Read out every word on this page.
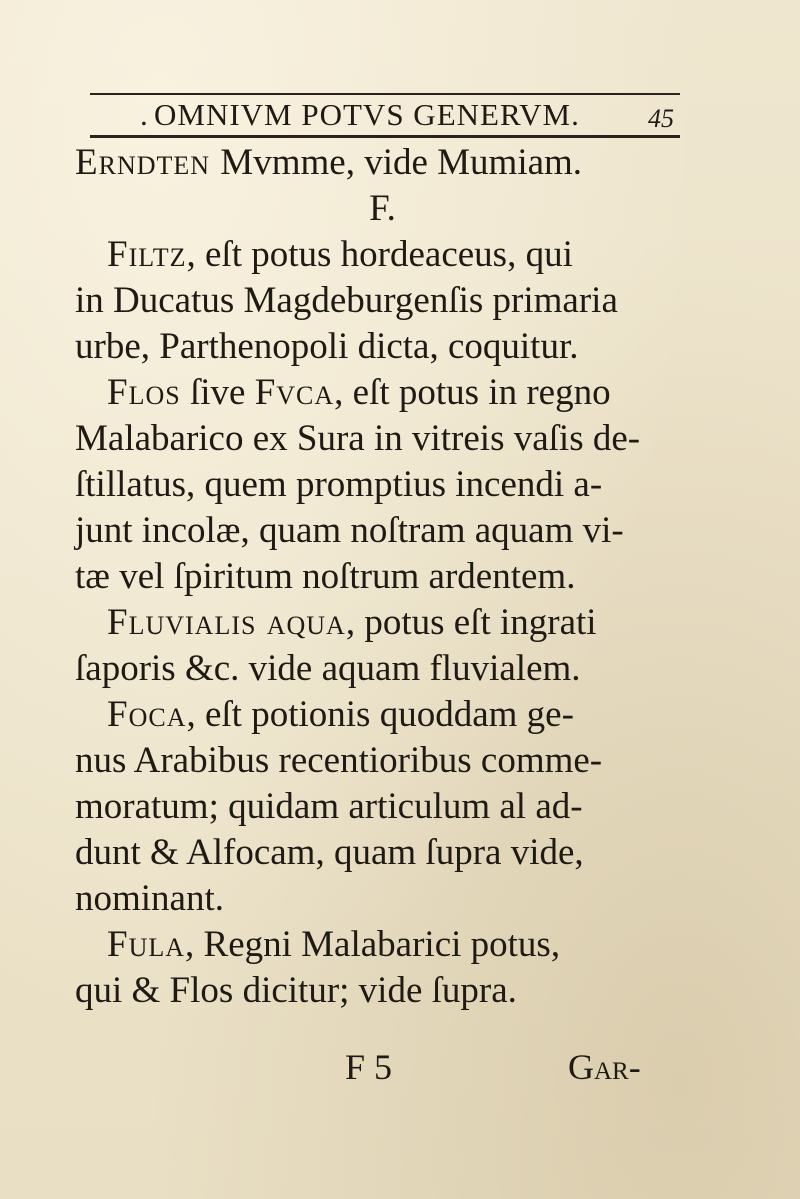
. OMNIVM POTVS GENERVM.	45
Erndten Mvmme, vide Mumiam.
F.
Filtz, eſt potus hordeaceus, qui
in Ducatus Magdeburgenſis primaria
urbe, Parthenopoli dicta, coquitur.
Flos ſive Fvca, eſt potus in regno
Malabarico ex Sura in vitreis vaſis de-
ſtillatus, quem promptius incendi a-
junt incolæ, quam noſtram aquam vi-
tæ vel ſpiritum noſtrum ardentem.
Fluvialis aqua, potus eſt ingrati
ſaporis &c. vide aquam fluvialem.
Foca, eſt potionis quoddam ge-
nus Arabibus recentioribus comme-
moratum; quidam articulum al ad-
dunt & Alfocam, quam ſupra vide,
nominant.
Fula, Regni Malabarici potus,
qui & Flos dicitur; vide ſupra.
F 5	Gar-
